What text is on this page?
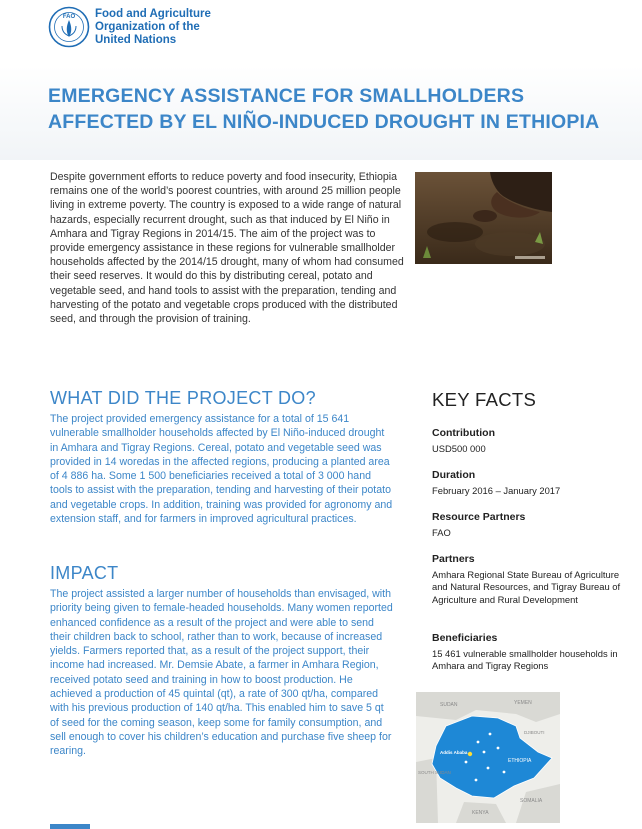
FAO Food and Agriculture
Organization of the
United Nations
EMERGENCY ASSISTANCE FOR SMALLHOLDERS
AFFECTED BY EL NIÑO-INDUCED DROUGHT IN ETHIOPIA
Despite government efforts to reduce poverty and food insecurity, Ethiopia remains one of the world’s poorest countries, with around 25 million people living in extreme poverty. The country is exposed to a wide range of natural hazards, especially recurrent drought, such as that induced by El Niño in Amhara and Tigray Regions in 2014/15. The aim of the project was to provide emergency assistance in these regions for vulnerable smallholder households affected by the 2014/15 drought, many of whom had consumed their seed reserves. It would do this by distributing cereal, potato and vegetable seed, and hand tools to assist with the preparation, tending and harvesting of the potato and vegetable crops produced with the distributed seed, and through the provision of training.
WHAT DID THE PROJECT DO?
The project provided emergency assistance for a total of 15 641 vulnerable smallholder households affected by El Niño-induced drought in Amhara and Tigray Regions. Cereal, potato and vegetable seed was provided in 14 woredas in the affected regions, producing a planted area of 4 886 ha. Some 1 500 beneficiaries received a total of 3 000 hand tools to assist with the preparation, tending and harvesting of their potato and vegetable crops. In addition, training was provided for agronomy and extension staff, and for farmers in improved agricultural practices.
IMPACT
The project assisted a larger number of households than envisaged, with priority being given to female-headed households. Many women reported enhanced confidence as a result of the project and were able to send their children back to school, rather than to work, because of increased yields. Farmers reported that, as a result of the project support, their income had increased. Mr. Demsie Abate, a farmer in Amhara Region, received potato seed and training in how to boost production. He achieved a production of 45 quintal (qt), a rate of 300 qt/ha, compared with his previous production of 140 qt/ha. This enabled him to save 5 qt of seed for the coming season, keep some for family consumption, and sell enough to cover his children’s education and purchase five sheep for rearing.
KEY FACTS
Contribution
USD500 000
Duration
February 2016 – January 2017
Resource Partners
FAO
Partners
Amhara Regional State Bureau of Agriculture and Natural Resources, and Tigray Bureau of Agriculture and Rural Development
Beneficiaries
15 461 vulnerable smallholder households in Amhara and Tigray Regions
SUDAN	YEMEN
DJIBOUTI
SOUTH SUDAN
ETHIOPIA
Addis Ababa
KENYA
SOMALIA
